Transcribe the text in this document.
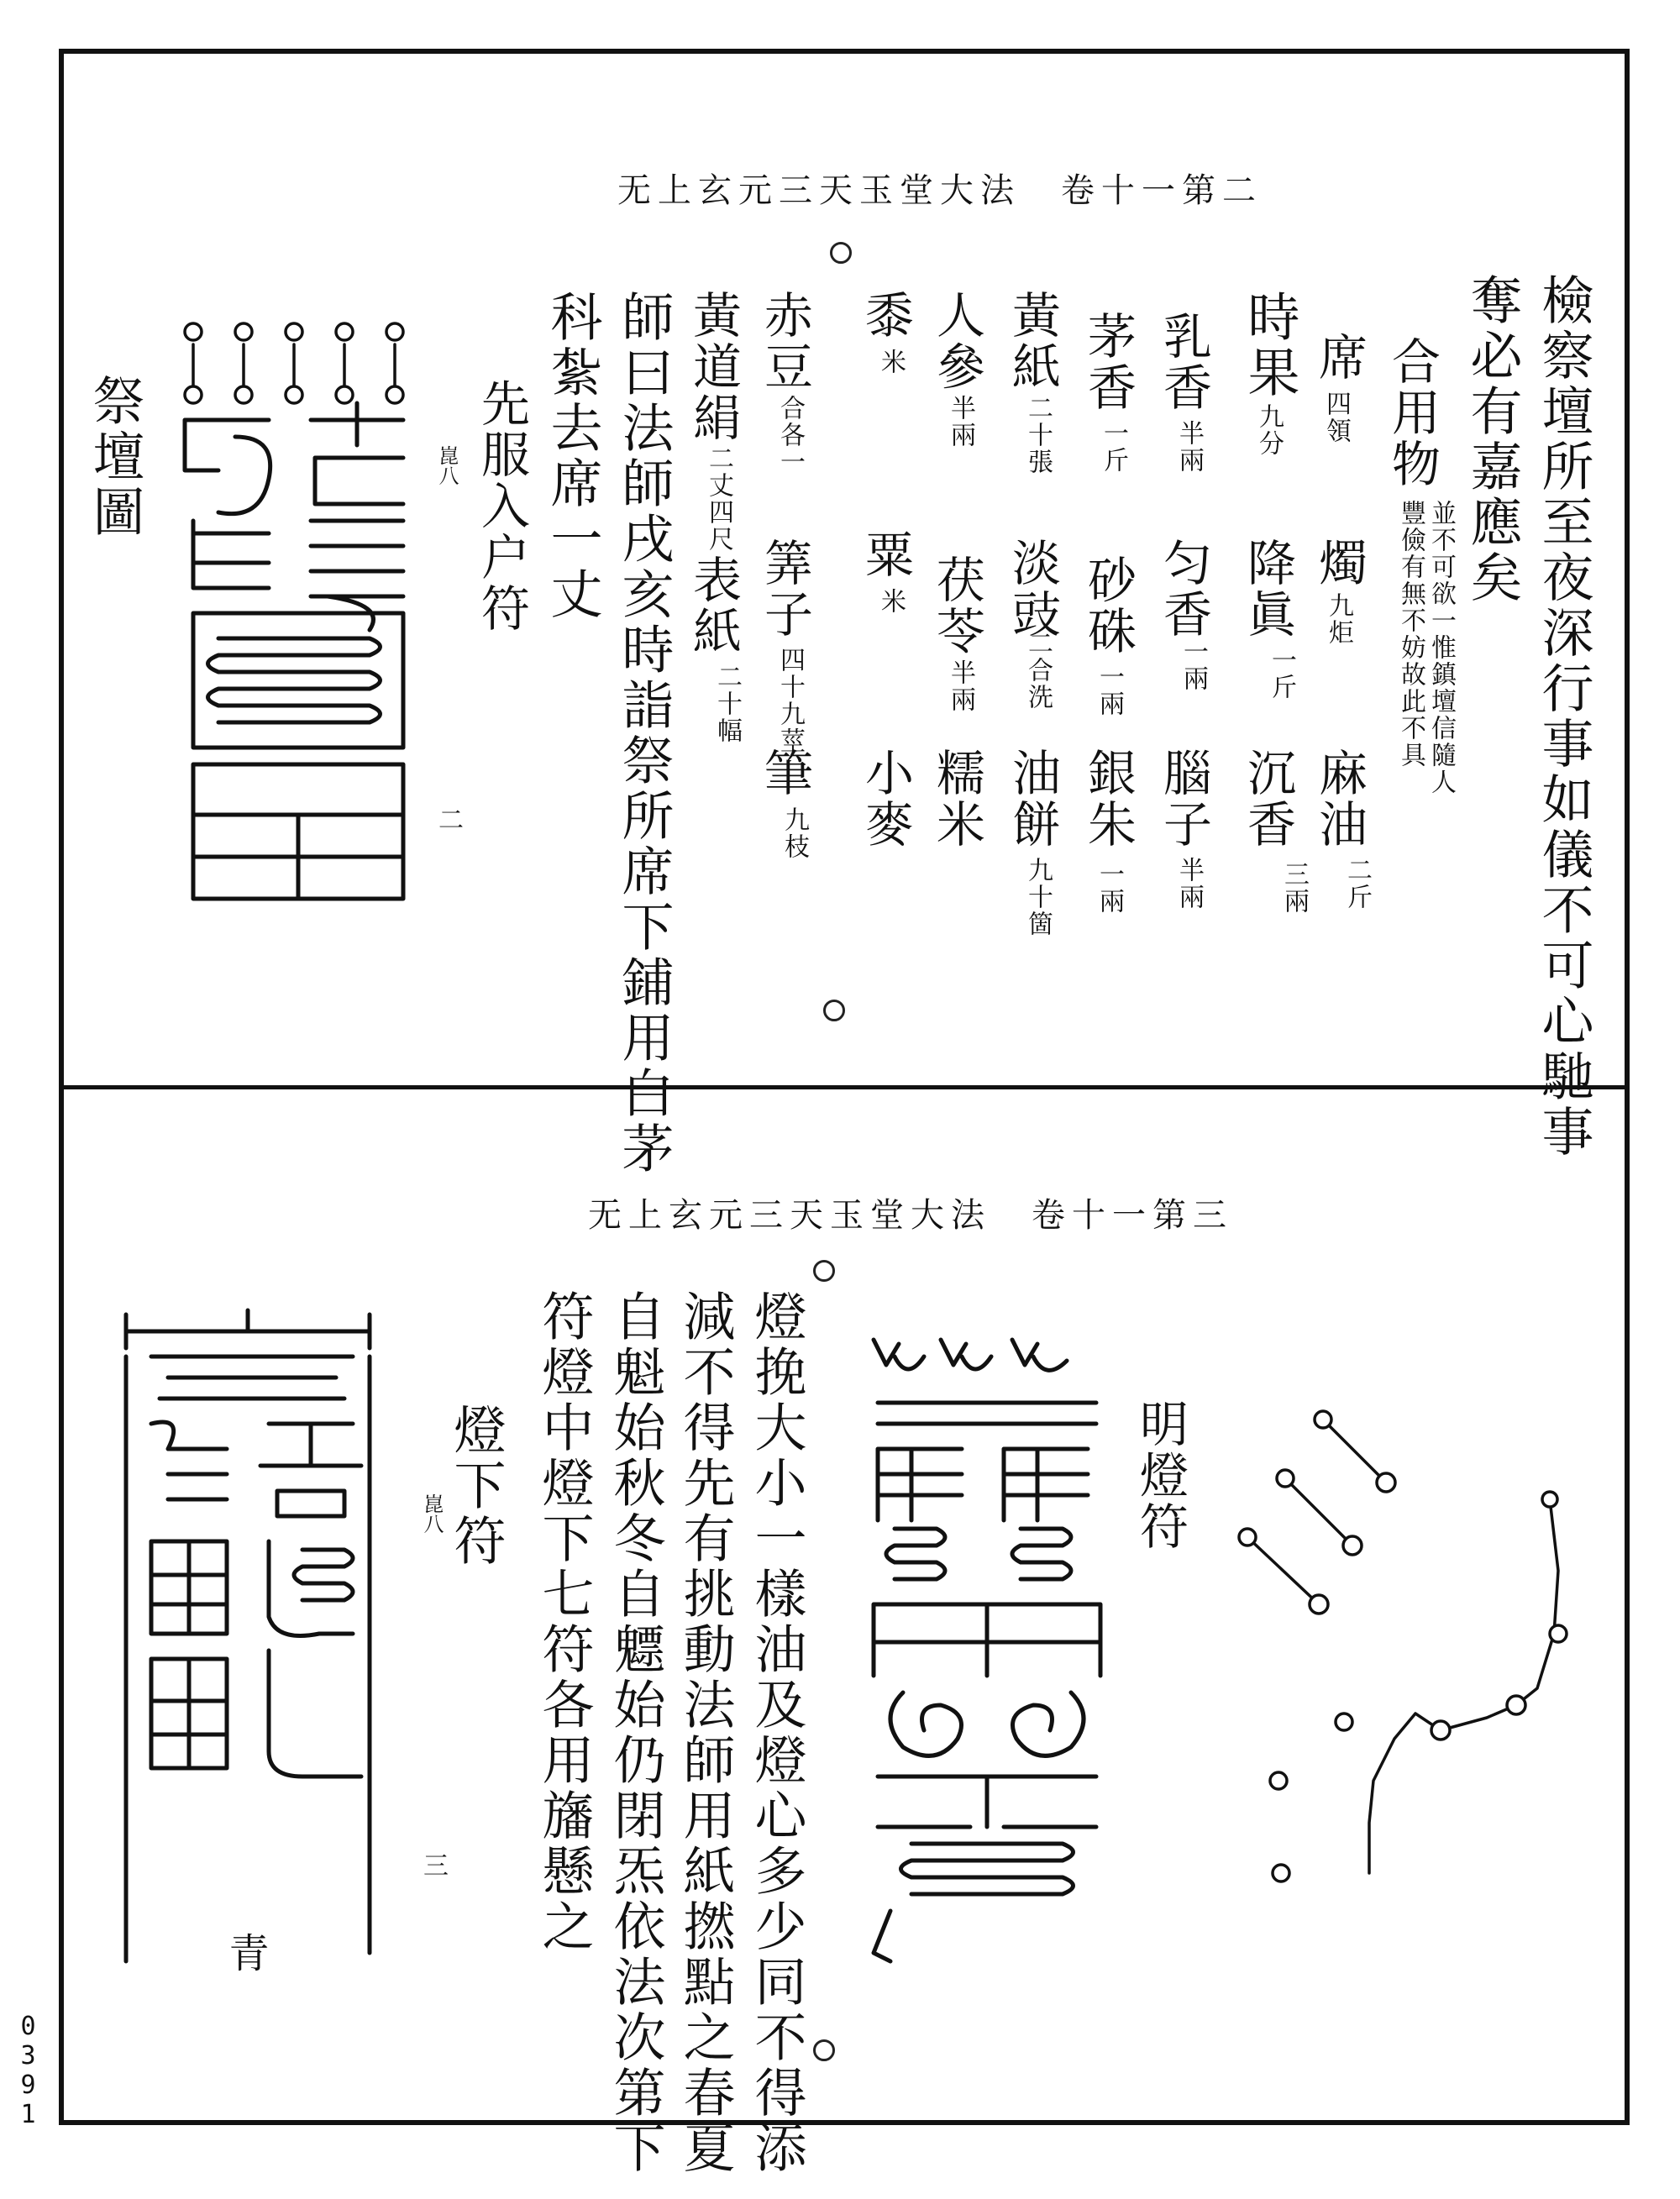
无上玄元三天玉堂大法　卷十一第二
檢察壇所至夜深行事如儀不可心馳事
奪必有嘉應矣
合用物
並不可欲一惟鎮壇信隨人
豐儉有無不妨故此不具
席
四領
燭
九炬
麻油
二斤
時果
九分
降眞
一斤
沉香
三兩
乳香
半兩
匀香
一兩
腦子
半兩
茅香
一斤
砂硃
一兩
銀朱
一兩
黃紙
二十張
淡豉
二合洗
油餅
九十箇
人參
半兩
茯苓
半兩
糯米
黍
米
粟
米
小麥
赤豆
合各一
筭子
四十九莖
筆
九枝
黃道絹
二丈四尺
表紙
二十幅
師曰法師戌亥時詣祭所席下鋪用白茅
科紮去席一丈
先服入户符
崑八
二
祭壇圖
无上玄元三天玉堂大法　卷十一第三
明燈符
燈挽大小一樣油及燈心多少同不得添
減不得先有挑動法師用紙撚點之春夏
自魁始秋冬自魒始仍閉炁依法次第下
符燈中燈下七符各用旛懸之
燈下符
崑八
三
青
0391
